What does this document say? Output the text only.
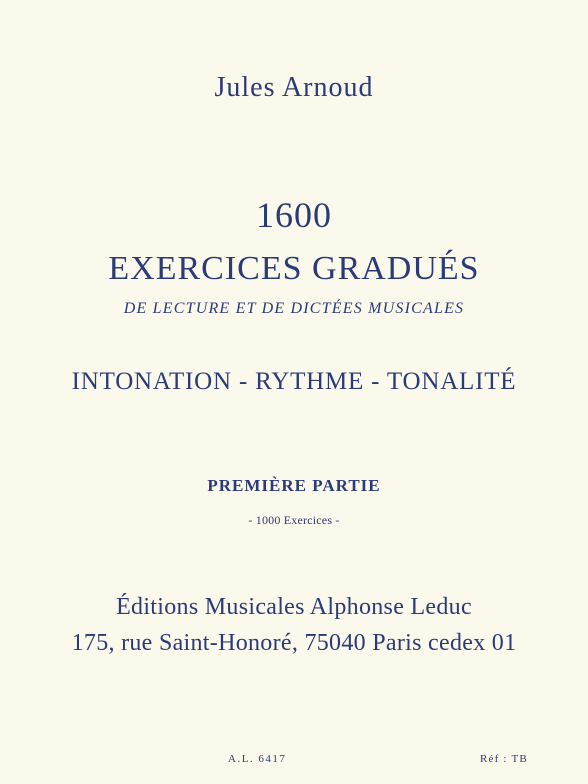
Jules Arnoud
1600
EXERCICES GRADUÉS
DE LECTURE ET DE DICTÉES MUSICALES
INTONATION - RYTHME - TONALITÉ
PREMIÈRE PARTIE
- 1000 Exercices -
Éditions Musicales Alphonse Leduc
175, rue Saint-Honoré, 75040 Paris cedex 01
A.L. 6417	Réf : TB
